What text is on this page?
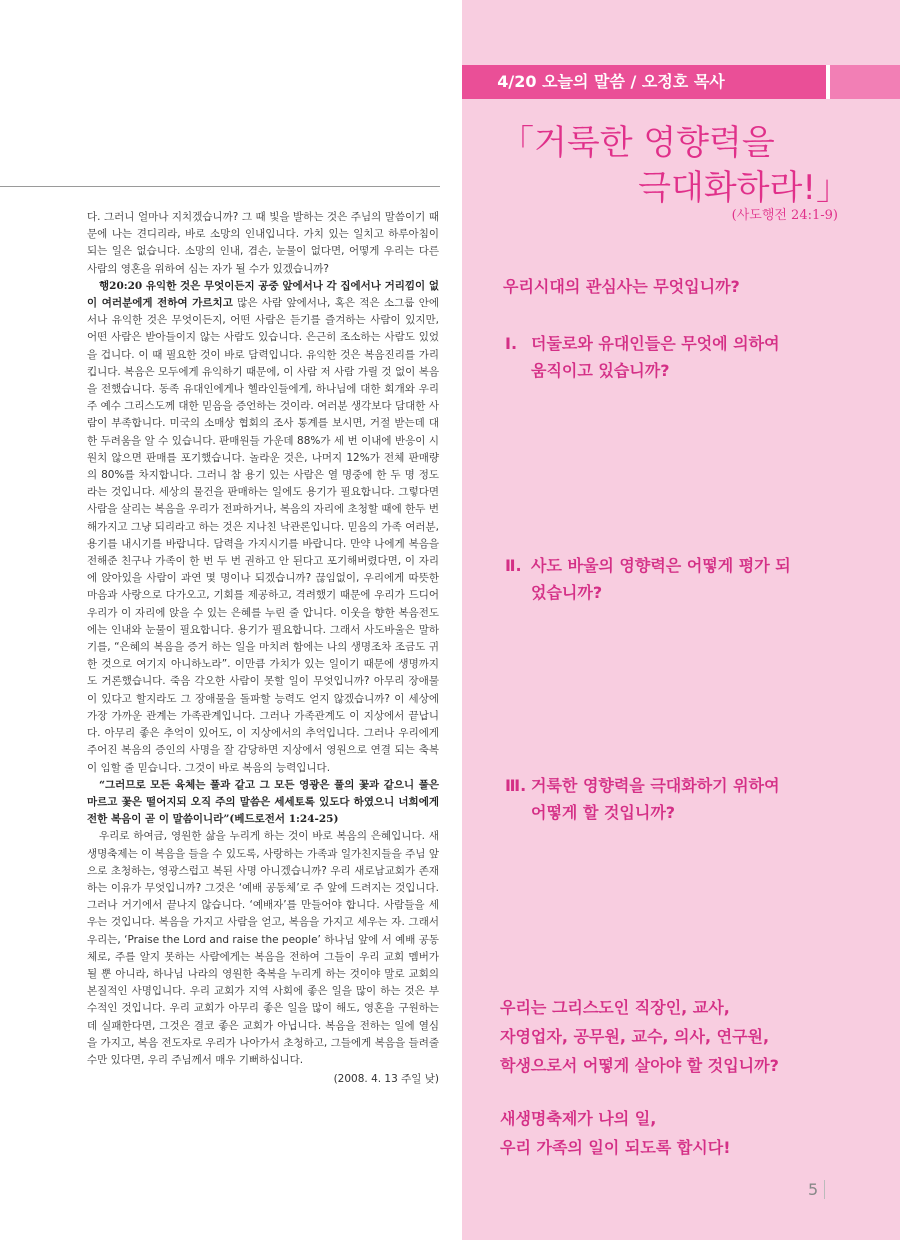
다. 그러니 얼마나 지치겠습니까? 그 때 빛을 발하는 것은 주님의 말씀이기 때문에 나는 견디리라, 바로 소망의 인내입니다. 가치 있는 일치고 하루아침이 되는 일은 없습니다. 소망의 인내, 겸손, 눈물이 없다면, 어떻게 우리는 다른 사람의 영혼을 위하여 심는 자가 될 수가 있겠습니까?

행20:20 유익한 것은 무엇이든지 공중 앞에서나 각 집에서나 거리낌이 없이 여러분에게 전하여 가르치고 많은 사람 앞에서나, 혹은 적은 소그룹 안에서나 유익한 것은 무엇이든지, 어떤 사람은 듣기를 즐겨하는 사람이 있지만, 어떤 사람은 받아들이지 않는 사람도 있습니다. 은근히 조소하는 사람도 있었을 겁니다. 이 때 필요한 것이 바로 담력입니다. 유익한 것은 복음진리를 가리킵니다. 복음은 모두에게 유익하기 때문에, 이 사람 저 사람 가릴 것 없이 복음을 전했습니다. 동족 유대인에게나 헬라인들에게, 하나님에 대한 회개와 우리 주 예수 그리스도께 대한 믿음을 증언하는 것이라. 여러분 생각보다 담대한 사람이 부족합니다. 미국의 소매상 협회의 조사 통계를 보시면, 거절 받는데 대한 두려움을 알 수 있습니다. 판매원들 가운데 88%가 세 번 이내에 반응이 시원치 않으면 판매를 포기했습니다. 놀라운 것은, 나머지 12%가 전체 판매량의 80%를 차지합니다. 그러니 참 용기 있는 사람은 열 명중에 한 두 명 정도라는 것입니다. 세상의 물건을 판매하는 일에도 용기가 필요합니다. 그렇다면 사람을 살리는 복음을 우리가 전파하거나, 복음의 자리에 초청할 때에 한두 번 해가지고 그냥 되리라고 하는 것은 지나친 낙관론입니다. 믿음의 가족 여러분, 용기를 내시기를 바랍니다. 담력을 가지시기를 바랍니다. 만약 나에게 복음을 전해준 친구나 가족이 한 번 두 번 권하고 안 된다고 포기해버렸다면, 이 자리에 앉아있을 사람이 과연 몇 명이나 되겠습니까? 끊임없이, 우리에게 따뜻한 마음과 사랑으로 다가오고, 기회를 제공하고, 격려했기 때문에 우리가 드디어 우리가 이 자리에 앉을 수 있는 은혜를 누린 줄 압니다. 이웃을 향한 복음전도에는 인내와 눈물이 필요합니다. 용기가 필요합니다. 그래서 사도바울은 말하기를, “은혜의 복음을 증거 하는 일을 마치려 함에는 나의 생명조차 조금도 귀한 것으로 여기지 아니하노라”. 이만큼 가치가 있는 일이기 때문에 생명까지도 거론했습니다. 죽음 각오한 사람이 못할 일이 무엇입니까? 아무리 장애물이 있다고 할지라도 그 장애물을 돌파할 능력도 얻지 않겠습니까? 이 세상에 가장 가까운 관계는 가족관계입니다. 그러나 가족관계도 이 지상에서 끝납니다. 아무리 좋은 추억이 있어도, 이 지상에서의 추억입니다. 그러나 우리에게 주어진 복음의 증인의 사명을 잘 감당하면 지상에서 영원으로 연결 되는 축복이 임할 줄 믿습니다. 그것이 바로 복음의 능력입니다.

“그러므로 모든 육체는 풀과 같고 그 모든 영광은 풀의 꽃과 같으니 풀은 마르고 꽃은 떨어지되 오직 주의 말씀은 세세토록 있도다 하였으니 너희에게 전한 복음이 곧 이 말씀이니라”(베드로전서 1:24-25)

우리로 하여금, 영원한 삶을 누리게 하는 것이 바로 복음의 은혜입니다. 새생명축제는 이 복음을 들을 수 있도록, 사랑하는 가족과 일가친지들을 주님 앞으로 초청하는, 영광스럽고 복된 사명 아니겠습니까? 우리 새로남교회가 존재하는 이유가 무엇입니까? 그것은 ‘예배 공동체’로 주 앞에 드려지는 것입니다. 그러나 거기에서 끝나지 않습니다. ‘예배자’를 만들어야 합니다. 사람들을 세우는 것입니다. 복음을 가지고 사람을 얻고, 복음을 가지고 세우는 자. 그래서 우리는, ‘Praise the Lord and raise the people’ 하나님 앞에 서 예배 공동체로, 주를 알지 못하는 사람에게는 복음을 전하여 그들이 우리 교회 멤버가 될 뿐 아니라, 하나님 나라의 영원한 축복을 누리게 하는 것이야 말로 교회의 본질적인 사명입니다. 우리 교회가 지역 사회에 좋은 일을 많이 하는 것은 부수적인 것입니다. 우리 교회가 아무리 좋은 일을 많이 해도, 영혼을 구원하는 데 실패한다면, 그것은 결코 좋은 교회가 아닙니다. 복음을 전하는 일에 열심을 가지고, 복음 전도자로 우리가 나아가서 초청하고, 그들에게 복음을 들려줄 수만 있다면, 우리 주님께서 매우 기뻐하십니다.

(2008. 4. 13 주일 낮)

4/20 오늘의 말씀 / 오정호 목사
「거룩한 영향력을
극대화하라!」
(사도행전 24:1-9)
우리시대의 관심사는 무엇입니까?
Ⅰ. 더둘로와 유대인들은 무엇에 의하여
움직이고 있습니까?
Ⅱ. 사도 바울의 영향력은 어떻게 평가 되
었습니까?
Ⅲ. 거룩한 영향력을 극대화하기 위하여
어떻게 할 것입니까?
우리는 그리스도인 직장인, 교사,
자영업자, 공무원, 교수, 의사, 연구원,
학생으로서 어떻게 살아야 할 것입니까?
새생명축제가 나의 일,
우리 가족의 일이 되도록 합시다!
5
